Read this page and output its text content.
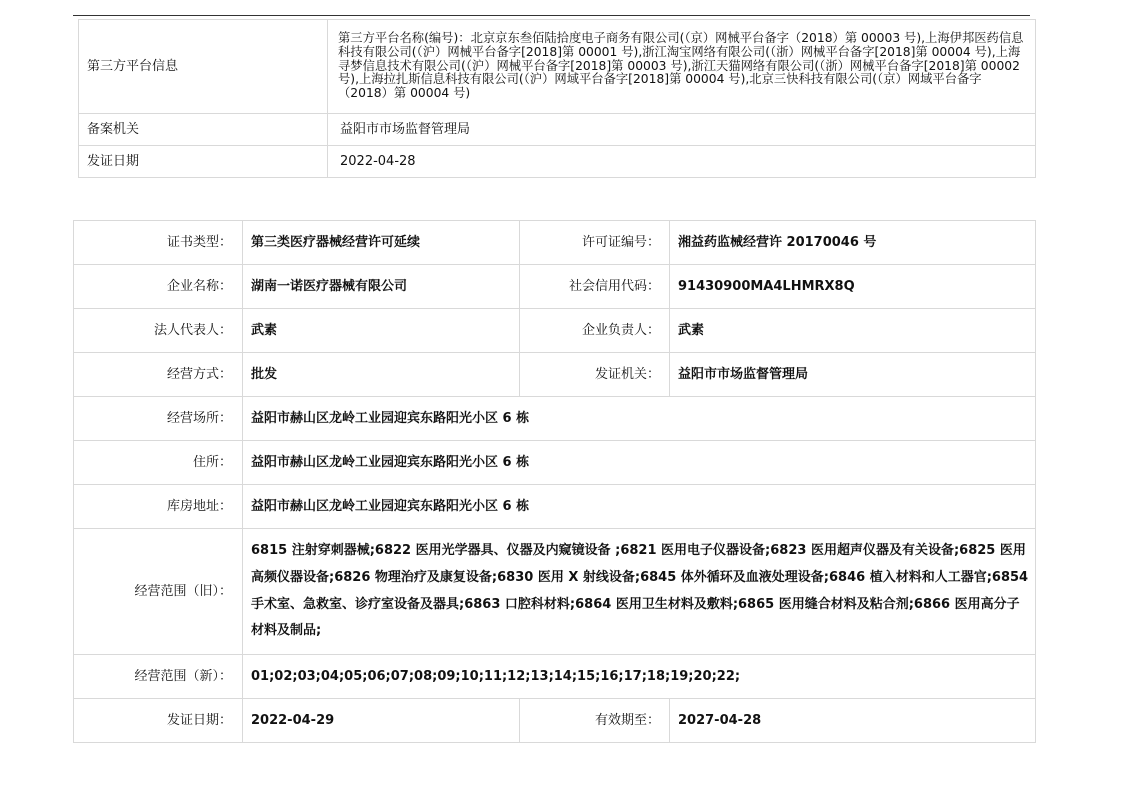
第三方平台信息	第三方平台名称(编号)：北京京东叁佰陆拾度电子商务有限公司(（京）网械平台备字（2018）第 00003 号),上海伊邦医药信息科技有限公司(（沪）网械平台备字[2018]第 00001 号),浙江淘宝网络有限公司(（浙）网械平台备字[2018]第 00004 号),上海寻梦信息技术有限公司(（沪）网械平台备字[2018]第 00003 号),浙江天猫网络有限公司(（浙）网械平台备字[2018]第 00002 号),上海拉扎斯信息科技有限公司(（沪）网域平台备字[2018]第 00004 号),北京三快科技有限公司(（京）网域平台备字（2018）第 00004 号)
备案机关	益阳市市场监督管理局
发证日期	2022-04-28
证书类型：	第三类医疗器械经营许可延续	许可证编号：	湘益药监械经营许 20170046 号
企业名称：	湖南一诺医疗器械有限公司	社会信用代码：	91430900MA4LHMRX8Q
法人代表人：	武素	企业负责人：	武素
经营方式：	批发	发证机关：	益阳市市场监督管理局
经营场所：	益阳市赫山区龙岭工业园迎宾东路阳光小区 6 栋		
住所：	益阳市赫山区龙岭工业园迎宾东路阳光小区 6 栋		
库房地址：	益阳市赫山区龙岭工业园迎宾东路阳光小区 6 栋		
经营范围（旧）：	6815 注射穿刺器械;6822 医用光学器具、仪器及内窥镜设备 ;6821 医用电子仪器设备;6823 医用超声仪器及有关设备;6825 医用高频仪器设备;6826 物理治疗及康复设备;6830 医用 X 射线设备;6845 体外循环及血液处理设备;6846 植入材料和人工器官;6854 手术室、急救室、诊疗室设备及器具;6863 口腔科材料;6864 医用卫生材料及敷料;6865 医用缝合材料及粘合剂;6866 医用高分子材料及制品;		
经营范围（新）：	01;02;03;04;05;06;07;08;09;10;11;12;13;14;15;16;17;18;19;20;22;		
发证日期：	2022-04-29	有效期至：	2027-04-28
